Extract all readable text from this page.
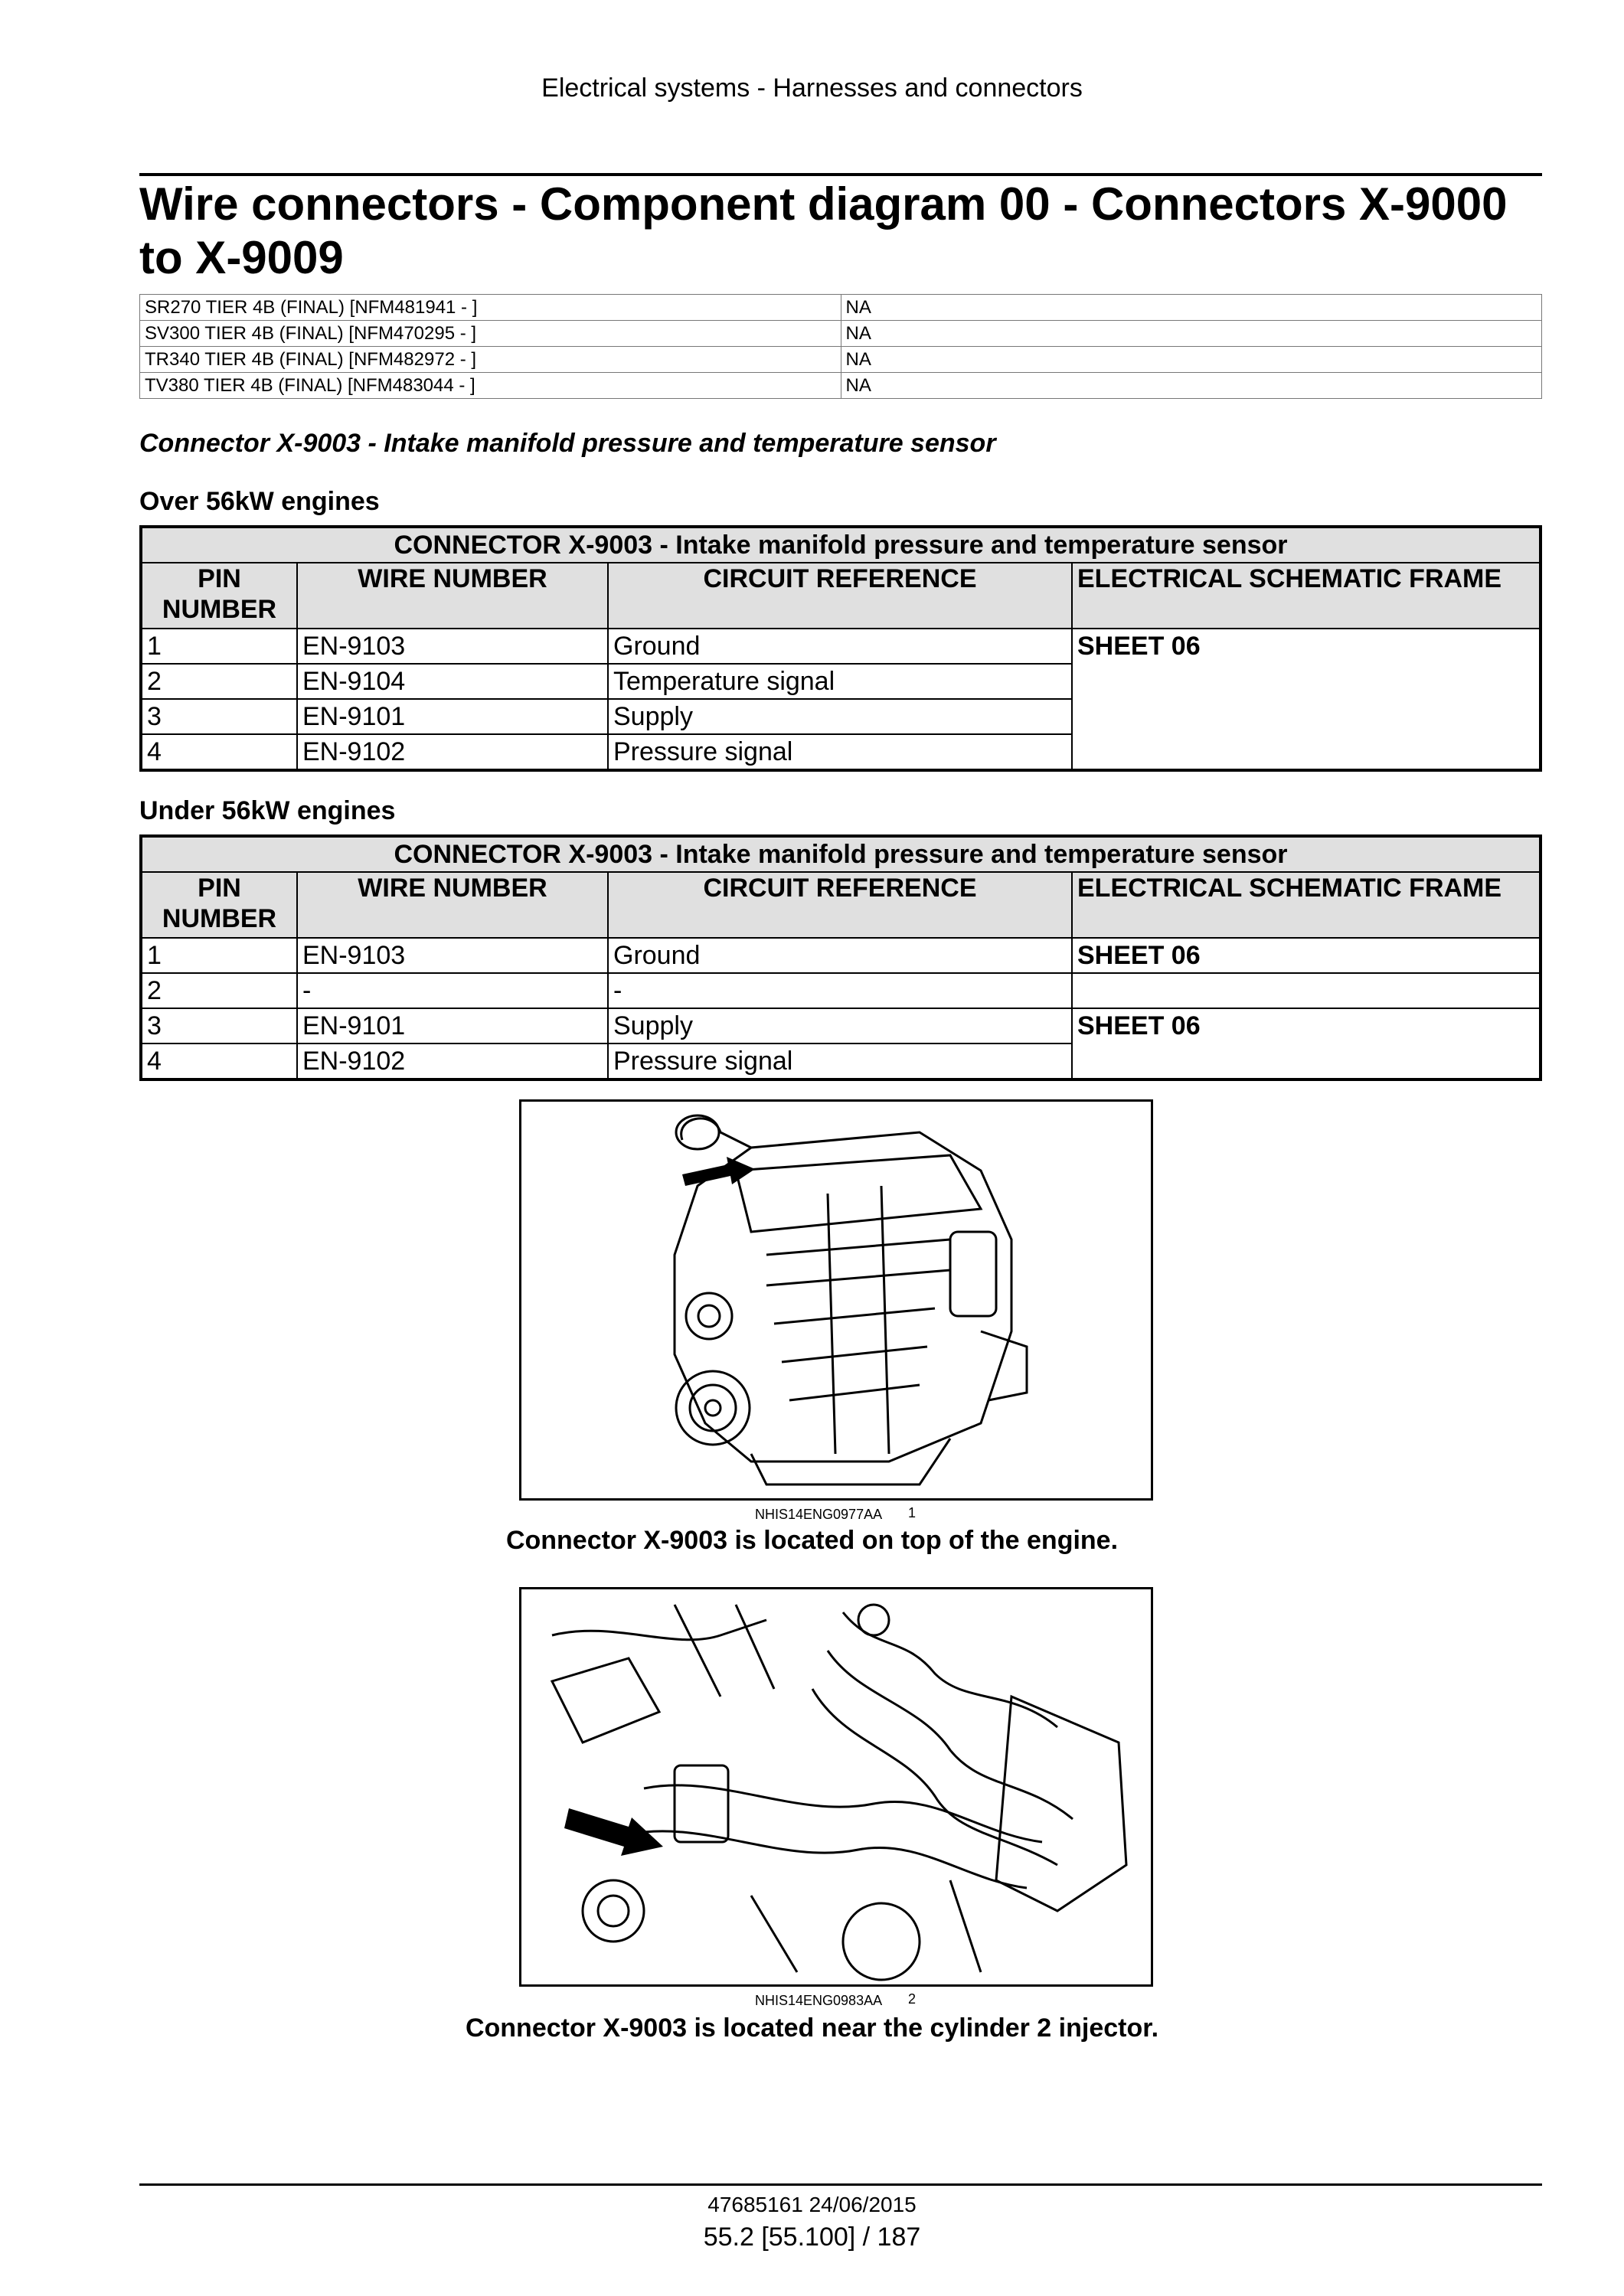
Electrical systems - Harnesses and connectors
Wire connectors - Component diagram 00 - Connectors X-9000 to X-9009
SR270 TIER 4B (FINAL) [NFM481941 - ]	NA
SV300 TIER 4B (FINAL) [NFM470295 - ]	NA
TR340 TIER 4B (FINAL) [NFM482972 - ]	NA
TV380 TIER 4B (FINAL) [NFM483044 - ]	NA
Connector X-9003 - Intake manifold pressure and temperature sensor
Over 56kW engines
CONNECTOR X-9003 - Intake manifold pressure and temperature sensor			
PIN NUMBER	WIRE NUMBER	CIRCUIT REFERENCE	ELECTRICAL SCHEMATIC FRAME
1	EN-9103	Ground	SHEET 06
2	EN-9104	Temperature signal	
3	EN-9101	Supply	
4	EN-9102	Pressure signal	
Under 56kW engines
CONNECTOR X-9003 - Intake manifold pressure and temperature sensor			
PIN NUMBER	WIRE NUMBER	CIRCUIT REFERENCE	ELECTRICAL SCHEMATIC FRAME
1	EN-9103	Ground	SHEET 06
2	-	-	
3	EN-9101	Supply	SHEET 06
4	EN-9102	Pressure signal	
NHIS14ENG0977AA 1
Connector X-9003 is located on top of the engine.
NHIS14ENG0983AA 2
Connector X-9003 is located near the cylinder 2 injector.
47685161 24/06/2015
55.2 [55.100] / 187
